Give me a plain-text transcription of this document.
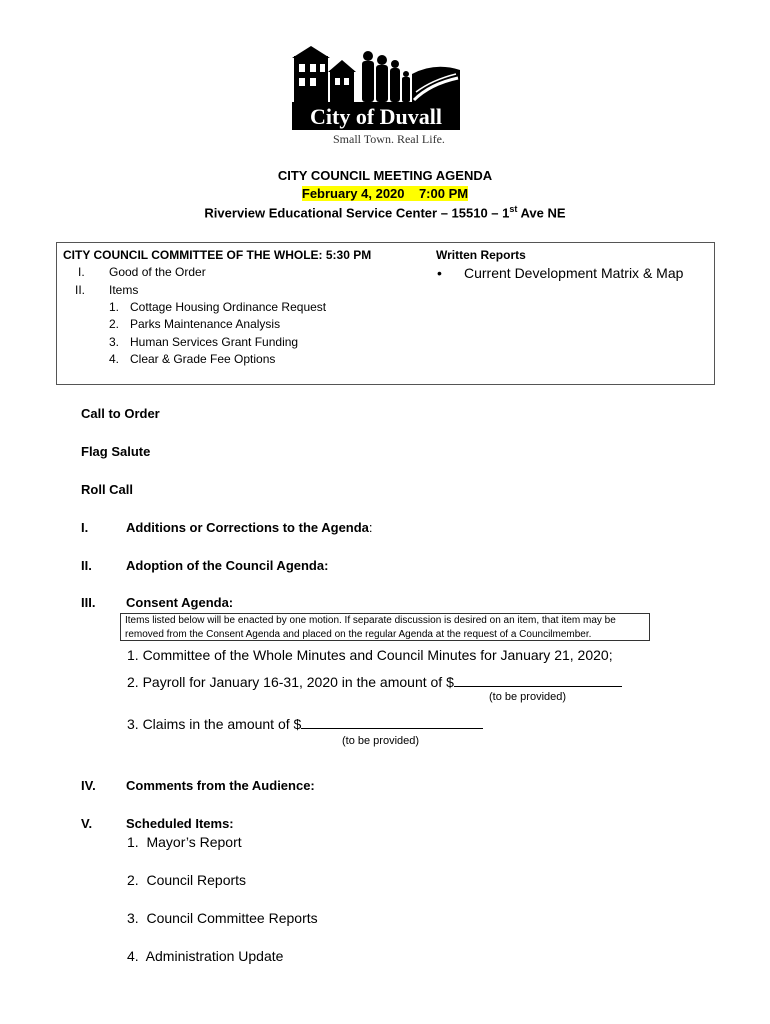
City of Duvall
Small Town. Real Life.
CITY COUNCIL MEETING AGENDA
February 4, 2020    7:00 PM
Riverview Educational Service Center – 15510 – 1st Ave NE
CITY COUNCIL COMMITTEE OF THE WHOLE: 5:30 PM
I. Good of the Order
II. Items
1. Cottage Housing Ordinance Request
2. Parks Maintenance Analysis
3. Human Services Grant Funding
4. Clear & Grade Fee Options
Written Reports
• Current Development Matrix & Map
Call to Order
Flag Salute
Roll Call
I.	Additions or Corrections to the Agenda:
II.	Adoption of the Council Agenda:
III. Consent Agenda:
Items listed below will be enacted by one motion. If separate discussion is desired on an item, that item may be
removed from the Consent Agenda and placed on the regular Agenda at the request of a Councilmember.
1. Committee of the Whole Minutes and Council Minutes for January 21, 2020;
2. Payroll for January 16-31, 2020 in the amount of $
(to be provided)
3. Claims in the amount of $
(to be provided)
IV. Comments from the Audience:
V.	Scheduled Items:
1.  Mayor’s Report
2.  Council Reports
3.  Council Committee Reports
4.  Administration Update
